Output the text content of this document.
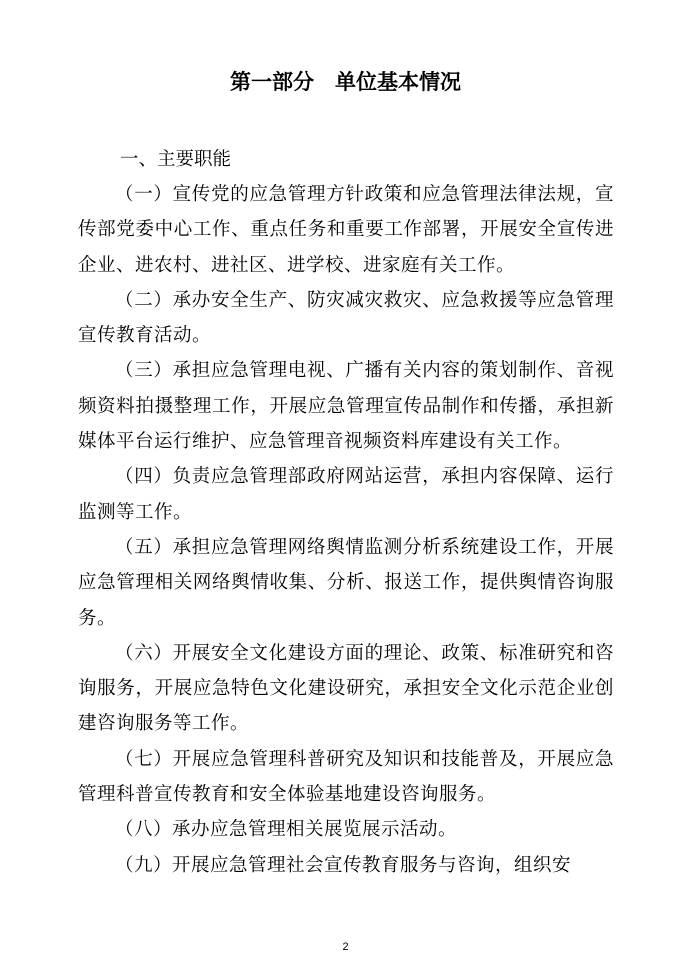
第一部分　单位基本情况
一、主要职能

（一）宣传党的应急管理方针政策和应急管理法律法规，宣传部党委中心工作、重点任务和重要工作部署，开展安全宣传进企业、进农村、进社区、进学校、进家庭有关工作。

（二）承办安全生产、防灾减灾救灾、应急救援等应急管理宣传教育活动。

（三）承担应急管理电视、广播有关内容的策划制作、音视频资料拍摄整理工作，开展应急管理宣传品制作和传播，承担新媒体平台运行维护、应急管理音视频资料库建设有关工作。

（四）负责应急管理部政府网站运营，承担内容保障、运行监测等工作。

（五）承担应急管理网络舆情监测分析系统建设工作，开展应急管理相关网络舆情收集、分析、报送工作，提供舆情咨询服务。

（六）开展安全文化建设方面的理论、政策、标准研究和咨询服务，开展应急特色文化建设研究，承担安全文化示范企业创建咨询服务等工作。

（七）开展应急管理科普研究及知识和技能普及，开展应急管理科普宣传教育和安全体验基地建设咨询服务。

（八）承办应急管理相关展览展示活动。

（九）开展应急管理社会宣传教育服务与咨询，组织安

2
